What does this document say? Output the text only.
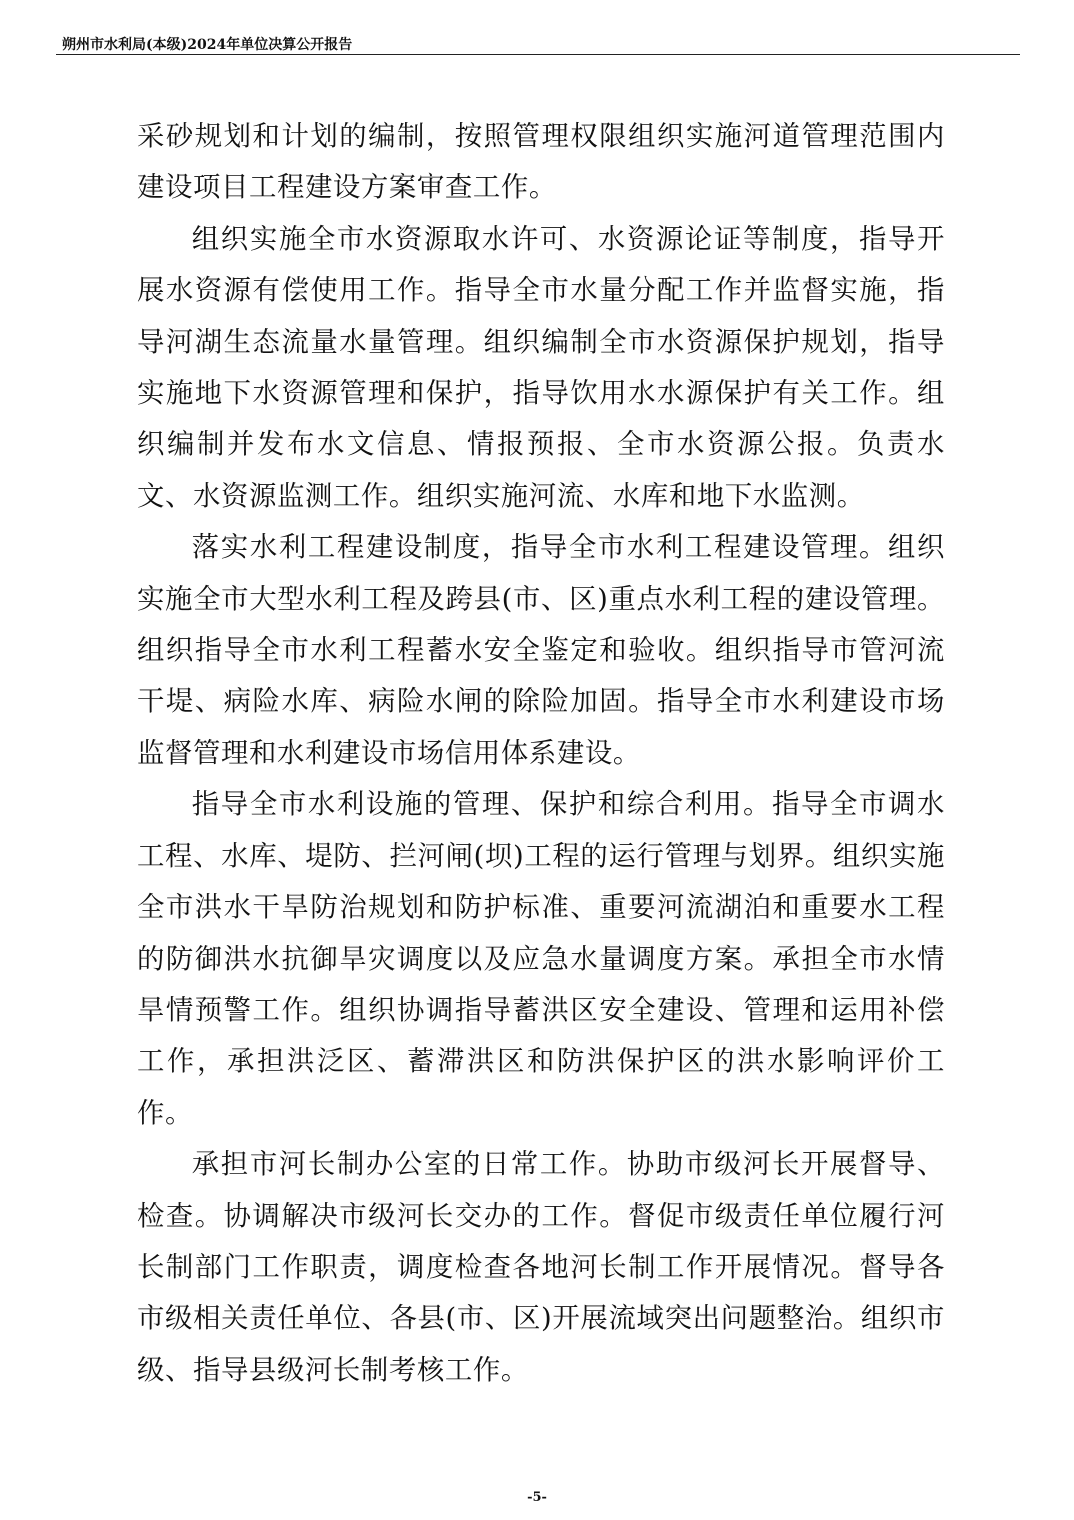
朔州市水利局(本级)2024年单位决算公开报告

采砂规划和计划的编制，按照管理权限组织实施河道管理范围内建设项目工程建设方案审查工作。

组织实施全市水资源取水许可、水资源论证等制度，指导开展水资源有偿使用工作。指导全市水量分配工作并监督实施，指导河湖生态流量水量管理。组织编制全市水资源保护规划，指导实施地下水资源管理和保护，指导饮用水水源保护有关工作。组织编制并发布水文信息、情报预报、全市水资源公报。负责水文、水资源监测工作。组织实施河流、水库和地下水监测。

落实水利工程建设制度，指导全市水利工程建设管理。组织实施全市大型水利工程及跨县(市、区)重点水利工程的建设管理。组织指导全市水利工程蓄水安全鉴定和验收。组织指导市管河流干堤、病险水库、病险水闸的除险加固。指导全市水利建设市场监督管理和水利建设市场信用体系建设。

指导全市水利设施的管理、保护和综合利用。指导全市调水工程、水库、堤防、拦河闸(坝)工程的运行管理与划界。组织实施全市洪水干旱防治规划和防护标准、重要河流湖泊和重要水工程的防御洪水抗御旱灾调度以及应急水量调度方案。承担全市水情旱情预警工作。组织协调指导蓄洪区安全建设、管理和运用补偿工作，承担洪泛区、蓄滞洪区和防洪保护区的洪水影响评价工作。

承担市河长制办公室的日常工作。协助市级河长开展督导、检查。协调解决市级河长交办的工作。督促市级责任单位履行河长制部门工作职责，调度检查各地河长制工作开展情况。督导各市级相关责任单位、各县(市、区)开展流域突出问题整治。组织市级、指导县级河长制考核工作。

-5-
